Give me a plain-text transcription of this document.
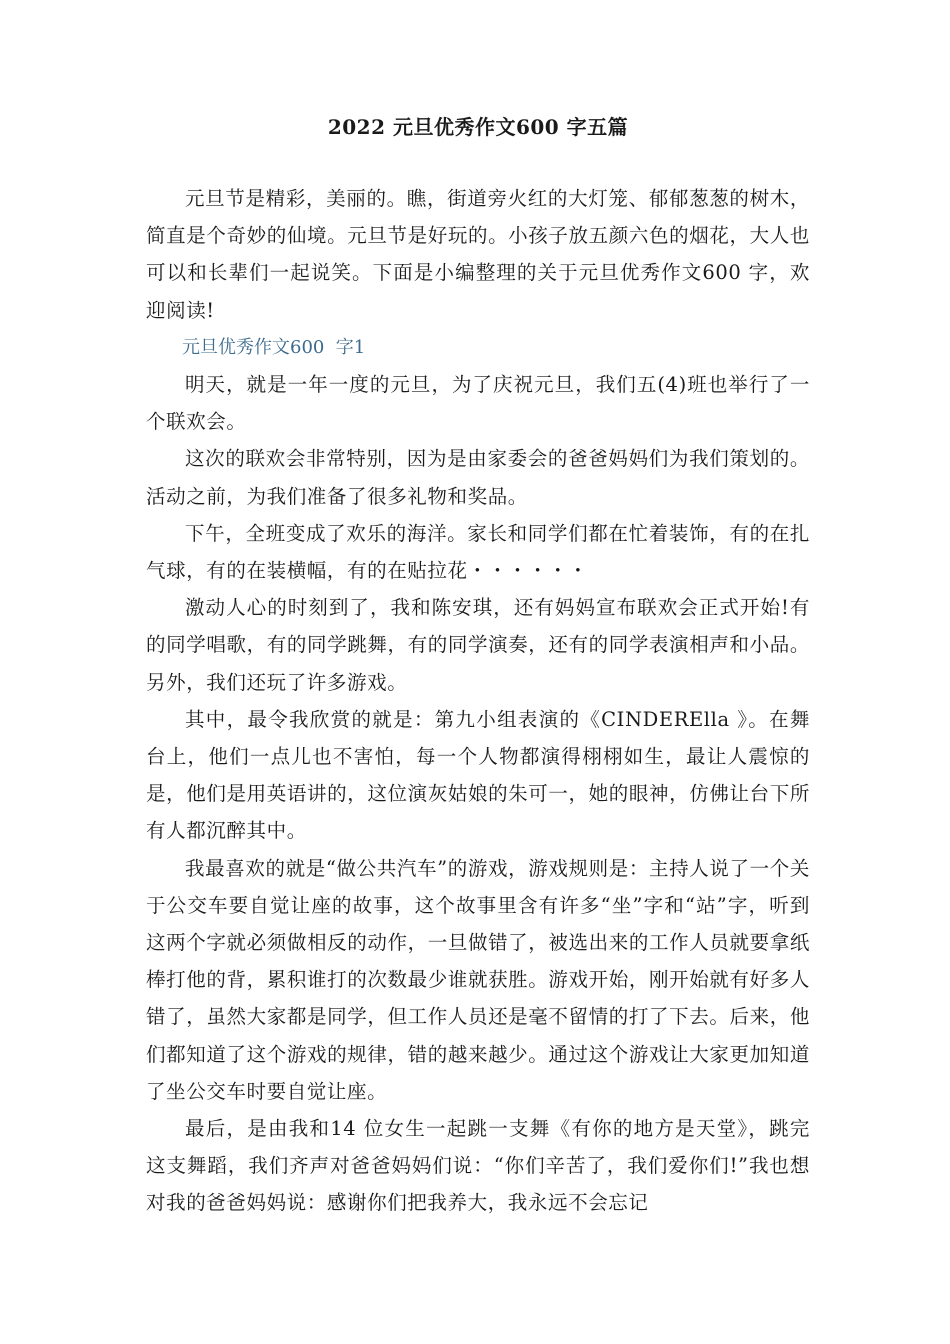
2022 元旦优秀作文600 字五篇

元旦节是精彩，美丽的。瞧，街道旁火红的大灯笼、郁郁葱葱的树木，简直是个奇妙的仙境。元旦节是好玩的。小孩子放五颜六色的烟花，大人也可以和长辈们一起说笑。下面是小编整理的关于元旦优秀作文600 字，欢迎阅读!

元旦优秀作文600  字1

明天，就是一年一度的元旦，为了庆祝元旦，我们五(4)班也举行了一个联欢会。

这次的联欢会非常特别，因为是由家委会的爸爸妈妈们为我们策划的。活动之前，为我们准备了很多礼物和奖品。

下午，全班变成了欢乐的海洋。家长和同学们都在忙着装饰，有的在扎气球，有的在装横幅，有的在贴拉花・・・・・・

激动人心的时刻到了，我和陈安琪，还有妈妈宣布联欢会正式开始!有的同学唱歌，有的同学跳舞，有的同学演奏，还有的同学表演相声和小品。另外，我们还玩了许多游戏。

其中，最令我欣赏的就是：第九小组表演的《CINDERElla 》。在舞台上，他们一点儿也不害怕，每一个人物都演得栩栩如生，最让人震惊的是，他们是用英语讲的，这位演灰姑娘的朱可一，她的眼神，仿佛让台下所有人都沉醉其中。

我最喜欢的就是“做公共汽车”的游戏，游戏规则是：主持人说了一个关于公交车要自觉让座的故事，这个故事里含有许多“坐”字和“站”字，听到这两个字就必须做相反的动作，一旦做错了，被选出来的工作人员就要拿纸棒打他的背，累积谁打的次数最少谁就获胜。游戏开始，刚开始就有好多人错了，虽然大家都是同学，但工作人员还是毫不留情的打了下去。后来，他们都知道了这个游戏的规律，错的越来越少。通过这个游戏让大家更加知道了坐公交车时要自觉让座。

最后，是由我和14 位女生一起跳一支舞《有你的地方是天堂》，跳完这支舞蹈，我们齐声对爸爸妈妈们说：“你们辛苦了，我们爱你们!”我也想对我的爸爸妈妈说：感谢你们把我养大，我永远不会忘记
